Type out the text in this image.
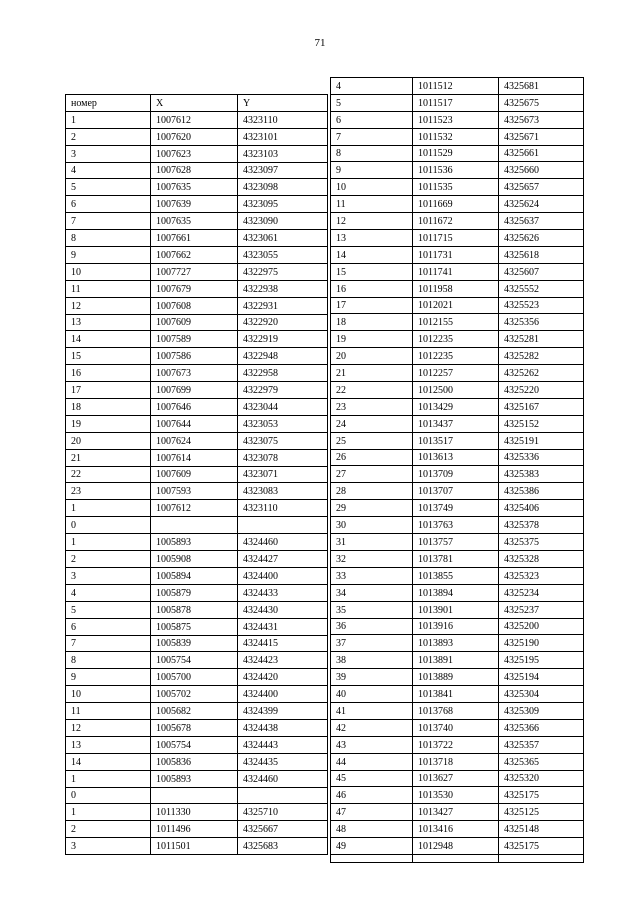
71
номер	X	Y
1	1007612	4323110
2	1007620	4323101
3	1007623	4323103
4	1007628	4323097
5	1007635	4323098
6	1007639	4323095
7	1007635	4323090
8	1007661	4323061
9	1007662	4323055
10	1007727	4322975
11	1007679	4322938
12	1007608	4322931
13	1007609	4322920
14	1007589	4322919
15	1007586	4322948
16	1007673	4322958
17	1007699	4322979
18	1007646	4323044
19	1007644	4323053
20	1007624	4323075
21	1007614	4323078
22	1007609	4323071
23	1007593	4323083
1	1007612	4323110
0		
1	1005893	4324460
2	1005908	4324427
3	1005894	4324400
4	1005879	4324433
5	1005878	4324430
6	1005875	4324431
7	1005839	4324415
8	1005754	4324423
9	1005700	4324420
10	1005702	4324400
11	1005682	4324399
12	1005678	4324438
13	1005754	4324443
14	1005836	4324435
1	1005893	4324460
0		
1	1011330	4325710
2	1011496	4325667
3	1011501	4325683
4	1011512	4325681
5	1011517	4325675
6	1011523	4325673
7	1011532	4325671
8	1011529	4325661
9	1011536	4325660
10	1011535	4325657
11	1011669	4325624
12	1011672	4325637
13	1011715	4325626
14	1011731	4325618
15	1011741	4325607
16	1011958	4325552
17	1012021	4325523
18	1012155	4325356
19	1012235	4325281
20	1012235	4325282
21	1012257	4325262
22	1012500	4325220
23	1013429	4325167
24	1013437	4325152
25	1013517	4325191
26	1013613	4325336
27	1013709	4325383
28	1013707	4325386
29	1013749	4325406
30	1013763	4325378
31	1013757	4325375
32	1013781	4325328
33	1013855	4325323
34	1013894	4325234
35	1013901	4325237
36	1013916	4325200
37	1013893	4325190
38	1013891	4325195
39	1013889	4325194
40	1013841	4325304
41	1013768	4325309
42	1013740	4325366
43	1013722	4325357
44	1013718	4325365
45	1013627	4325320
46	1013530	4325175
47	1013427	4325125
48	1013416	4325148
49	1012948	4325175
